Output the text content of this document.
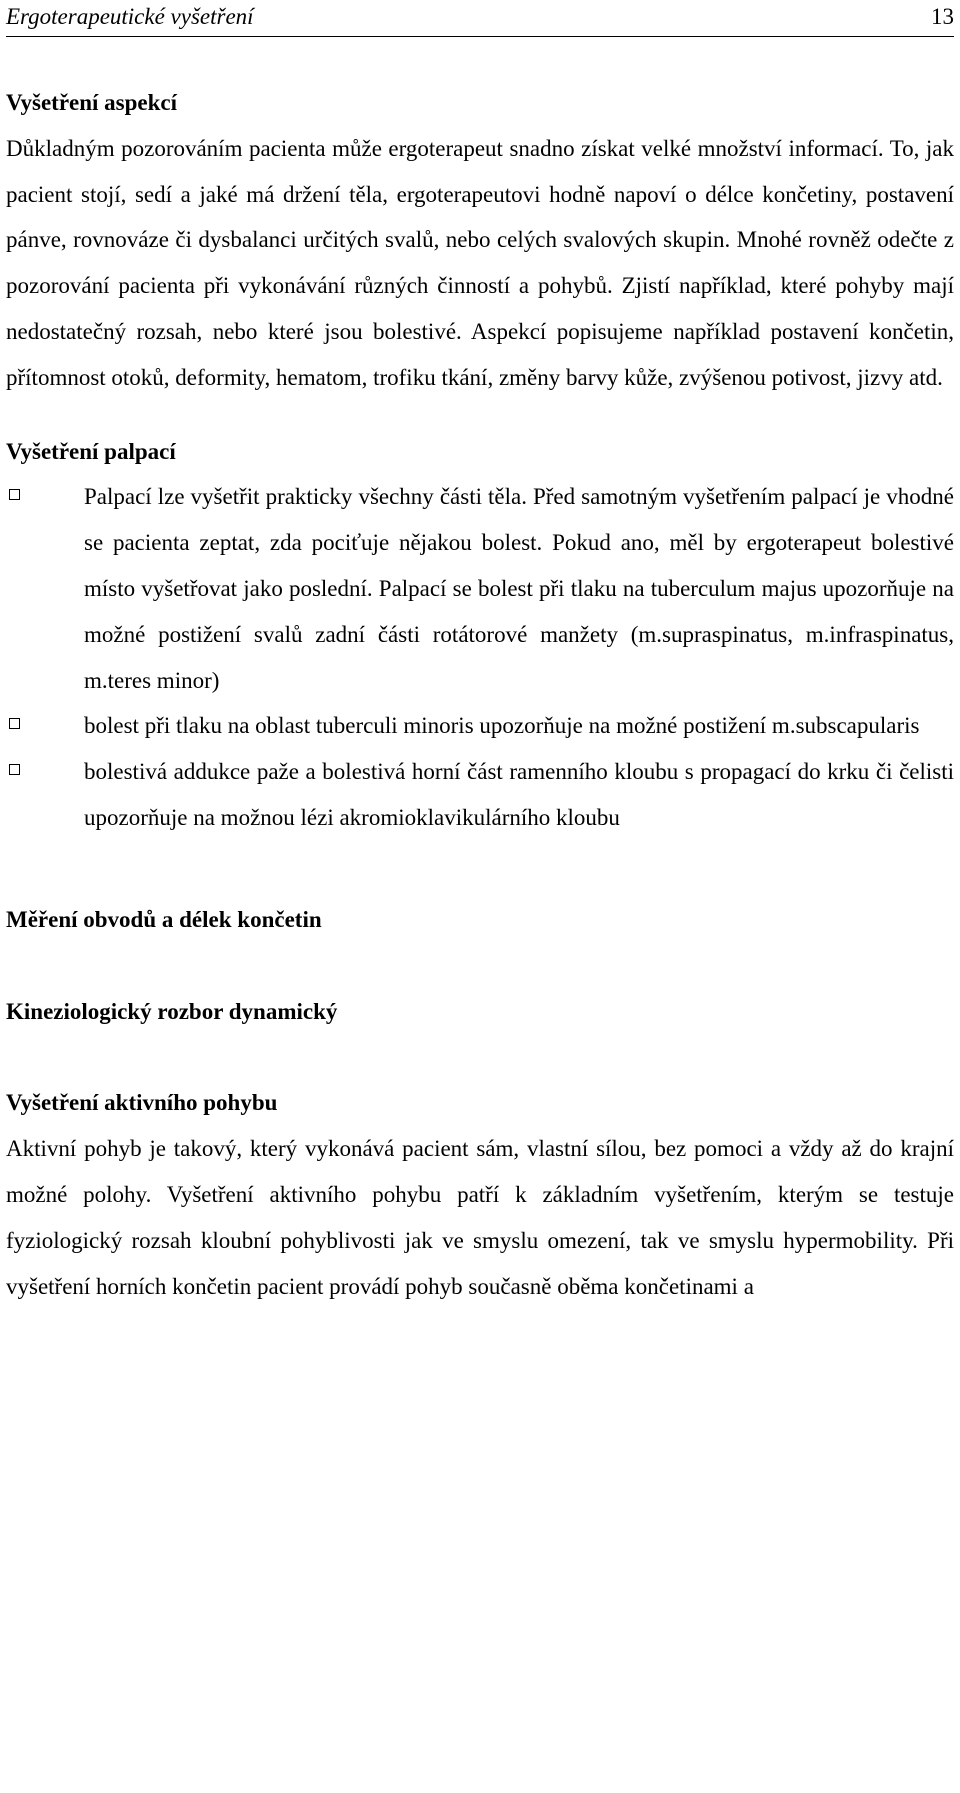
Ergoterapeutické vyšetření	13
Vyšetření aspekcí

Důkladným pozorováním pacienta může ergoterapeut snadno získat velké množství informací. To, jak pacient stojí, sedí a jaké má držení těla, ergoterapeutovi hodně napoví o délce končetiny, postavení pánve, rovnováze či dysbalanci určitých svalů, nebo celých svalových skupin. Mnohé rovněž odečte z pozorování pacienta při vykonávání různých činností a pohybů. Zjistí například, které pohyby mají nedostatečný rozsah, nebo které jsou bolestivé. Aspekcí popisujeme například postavení končetin, přítomnost otoků, deformity, hematom, trofiku tkání, změny barvy kůže, zvýšenou potivost, jizvy atd.

Vyšetření palpací
Palpací lze vyšetřit prakticky všechny části těla. Před samotným vyšetřením palpací je vhodné se pacienta zeptat, zda pociťuje nějakou bolest. Pokud ano, měl by ergoterapeut bolestivé místo vyšetřovat jako poslední. Palpací se bolest při tlaku na tuberculum majus upozorňuje na možné postižení svalů zadní části rotátorové manžety (m.supraspinatus, m.infraspinatus, m.teres minor)
bolest při tlaku na oblast tuberculi minoris upozorňuje na možné postižení m.subscapularis
bolestivá addukce paže a bolestivá horní část ramenního kloubu s propagací do krku či čelisti upozorňuje na možnou lézi akromioklavikulárního kloubu
Měření obvodů a délek končetin
Kineziologický rozbor dynamický
Vyšetření aktivního pohybu

Aktivní pohyb je takový, který vykonává pacient sám, vlastní sílou, bez pomoci a vždy až do krajní možné polohy. Vyšetření aktivního pohybu patří k základním vyšetřením, kterým se testuje fyziologický rozsah kloubní pohyblivosti jak ve smyslu omezení, tak ve smyslu hypermobility. Při vyšetření horních končetin pacient provádí pohyb současně oběma končetinami a
